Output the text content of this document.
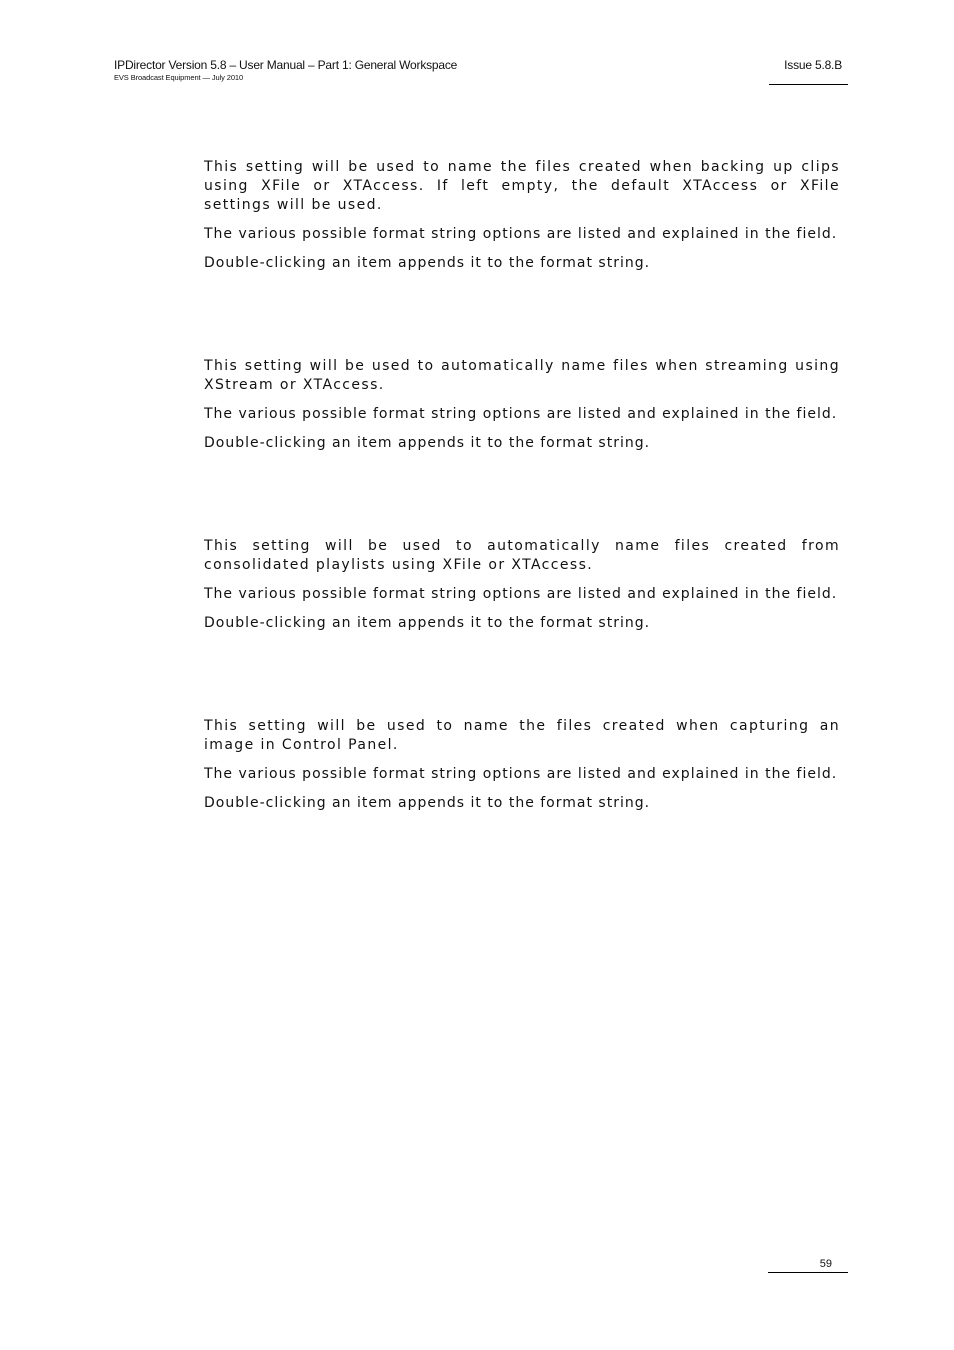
IPDirector Version 5.8 – User Manual – Part 1: General Workspace
EVS Broadcast Equipment — July 2010
Issue 5.8.B

This setting will be used to name the files created when backing up clips using XFile or XTAccess. If left empty, the default XTAccess or XFile settings will be used.

The various possible format string options are listed and explained in the field.

Double-clicking an item appends it to the format string.

This setting will be used to automatically name files when streaming using XStream or XTAccess.

The various possible format string options are listed and explained in the field.

Double-clicking an item appends it to the format string.

This setting will be used to automatically name files created from consolidated playlists using XFile or XTAccess.

The various possible format string options are listed and explained in the field.

Double-clicking an item appends it to the format string.

This setting will be used to name the files created when capturing an image in Control Panel.

The various possible format string options are listed and explained in the field.

Double-clicking an item appends it to the format string.

59
